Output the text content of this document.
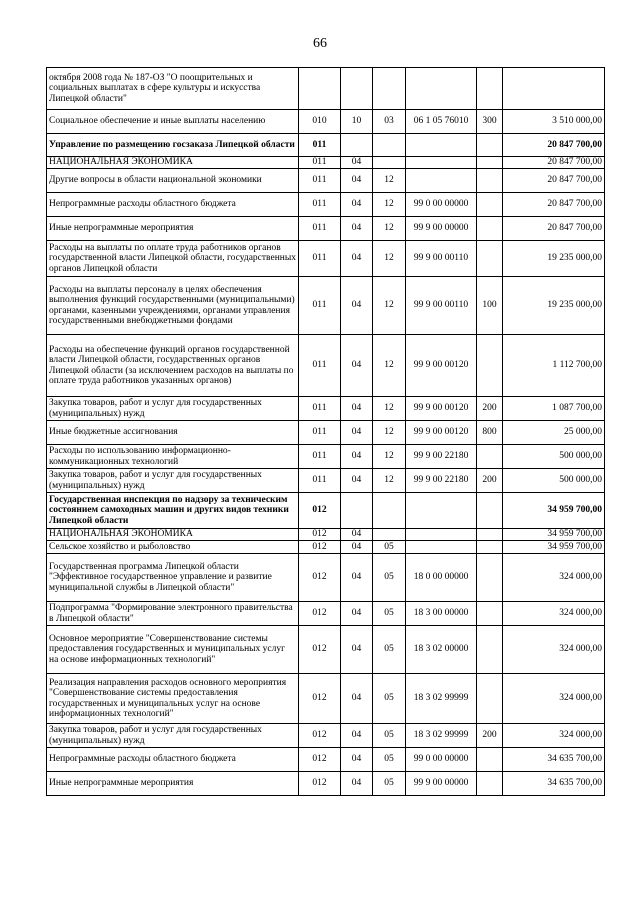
66
октября 2008 года № 187-ОЗ "О поощрительных и социальных выплатах в сфере культуры и искусства Липецкой области"						
Социальное обеспечение и иные выплаты населению	010	10	03	06 1 05 76010	300	3 510 000,00
Управление по размещению госзаказа Липецкой области	011					20 847 700,00
НАЦИОНАЛЬНАЯ ЭКОНОМИКА	011	04				20 847 700,00
Другие вопросы в области национальной экономики	011	04	12			20 847 700,00
Непрограммные расходы областного бюджета	011	04	12	99 0 00 00000		20 847 700,00
Иные непрограммные мероприятия	011	04	12	99 9 00 00000		20 847 700,00
Расходы на выплаты по оплате труда работников органов государственной власти Липецкой области, государственных органов Липецкой области	011	04	12	99 9 00 00110		19 235 000,00
Расходы на выплаты персоналу в целях обеспечения выполнения функций государственными (муниципальными) органами, казенными учреждениями, органами управления государственными внебюджетными фондами	011	04	12	99 9 00 00110	100	19 235 000,00
Расходы на обеспечение функций органов государственной власти Липецкой области, государственных органов Липецкой области (за исключением расходов на выплаты по оплате труда работников указанных органов)	011	04	12	99 9 00 00120		1 112 700,00
Закупка товаров, работ и услуг для государственных (муниципальных) нужд	011	04	12	99 9 00 00120	200	1 087 700,00
Иные бюджетные ассигнования	011	04	12	99 9 00 00120	800	25 000,00
Расходы по использованию информационно-коммуникационных технологий	011	04	12	99 9 00 22180		500 000,00
Закупка товаров, работ и услуг для государственных (муниципальных) нужд	011	04	12	99 9 00 22180	200	500 000,00
Государственная инспекция по надзору за техническим состоянием самоходных машин и других видов техники Липецкой области	012					34 959 700,00
НАЦИОНАЛЬНАЯ ЭКОНОМИКА	012	04				34 959 700,00
Сельское хозяйство и рыболовство	012	04	05			34 959 700,00
Государственная программа Липецкой области "Эффективное государственное управление и развитие муниципальной службы в Липецкой области"	012	04	05	18 0 00 00000		324 000,00
Подпрограмма "Формирование электронного правительства в Липецкой области"	012	04	05	18 3 00 00000		324 000,00
Основное мероприятие "Совершенствование системы предоставления государственных и муниципальных услуг на основе информационных технологий"	012	04	05	18 3 02 00000		324 000,00
Реализация направления расходов основного мероприятия "Совершенствование системы предоставления государственных и муниципальных услуг на основе информационных технологий"	012	04	05	18 3 02 99999		324 000,00
Закупка товаров, работ и услуг для государственных (муниципальных) нужд	012	04	05	18 3 02 99999	200	324 000,00
Непрограммные расходы областного бюджета	012	04	05	99 0 00 00000		34 635 700,00
Иные непрограммные мероприятия	012	04	05	99 9 00 00000		34 635 700,00
